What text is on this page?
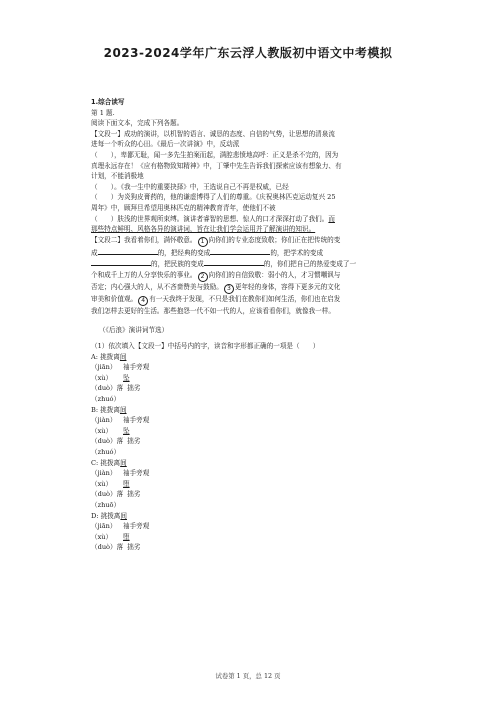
2023-2024学年广东云浮人教版初中语文中考模拟

1.综合读写

第 1 题.

阅读下面文本，完成下列各题。

【文段一】成功的演讲，以机智的语言、诚恳的态度、自信的气势，让思想的清泉流

进每一个听众的心田。《最后一次讲演》中，反动派

（　　），卑鄙无耻，闻一多先生拍案而起，满腔悲愤地高呼：正义是杀不完的，因为

真理永远存在！《应有格物致知精神》中，丁肇中先生告诉我们探索应该有想象力、有

计划，不能消极地

（　　）。《我一生中的重要抉择》中，王选说自己不再是权威，已经

（　　）为炎狗皮膏药的，他的谦虚博得了人们的尊重。《庆祝奥林匹克运动复兴 25

周年》中，顾拜旦希望用奥林匹克的精神教育青年，使他们不被

（　　）肤浅的世界观所束缚。演讲者睿智的思想、惊人的口才深深打动了我们。而

那些特点鲜明、风格各异的演讲词，旨在让我们学会运用并了解演讲的知识。

【文段二】我看着你们，满怀敬意。 1 向你们的专业态度致敬；你们正在把传统的变

成	的，把经典的变成	的，把学术的变成

的，把民族的变成	的，你们把自己的热爱变成了一

个和成千上万的人分享快乐的事业。 2 向你们的自信致敬：弱小的人，才习惯嘲讽与

否定；内心强大的人，从不吝啬赞美与鼓励。 3 更年轻的身体，容得下更多元的文化

审美和价值观。 4 有一天我终于发现，不只是我们在教你们如何生活，你们也在启发

我们怎样去更好的生活。那些抱怨一代不如一代的人，应该看看你们，就像我一样。

（《后浪》演讲词节选）

（1）依次填入【文段一】中括号内的字，读音和字形都正确的一项是（　　）

A: 挑拨离间

（jiān） 袖手旁观

（xù） 坠

（duò）落 拙劣

（zhuó）

B: 挑拨离间

（jiàn） 袖手旁观

（xù） 坠

（duò）落 拙劣

（zhuó）

C: 挑拨离间

（jiàn） 袖手旁观

（xù） 堕

（duò）落 拙劣

（zhuō）

D: 挑拨离间

（jiān） 袖手旁观

（xù） 堕

（duò）落 拙劣

试卷第 1 页，总 12 页
